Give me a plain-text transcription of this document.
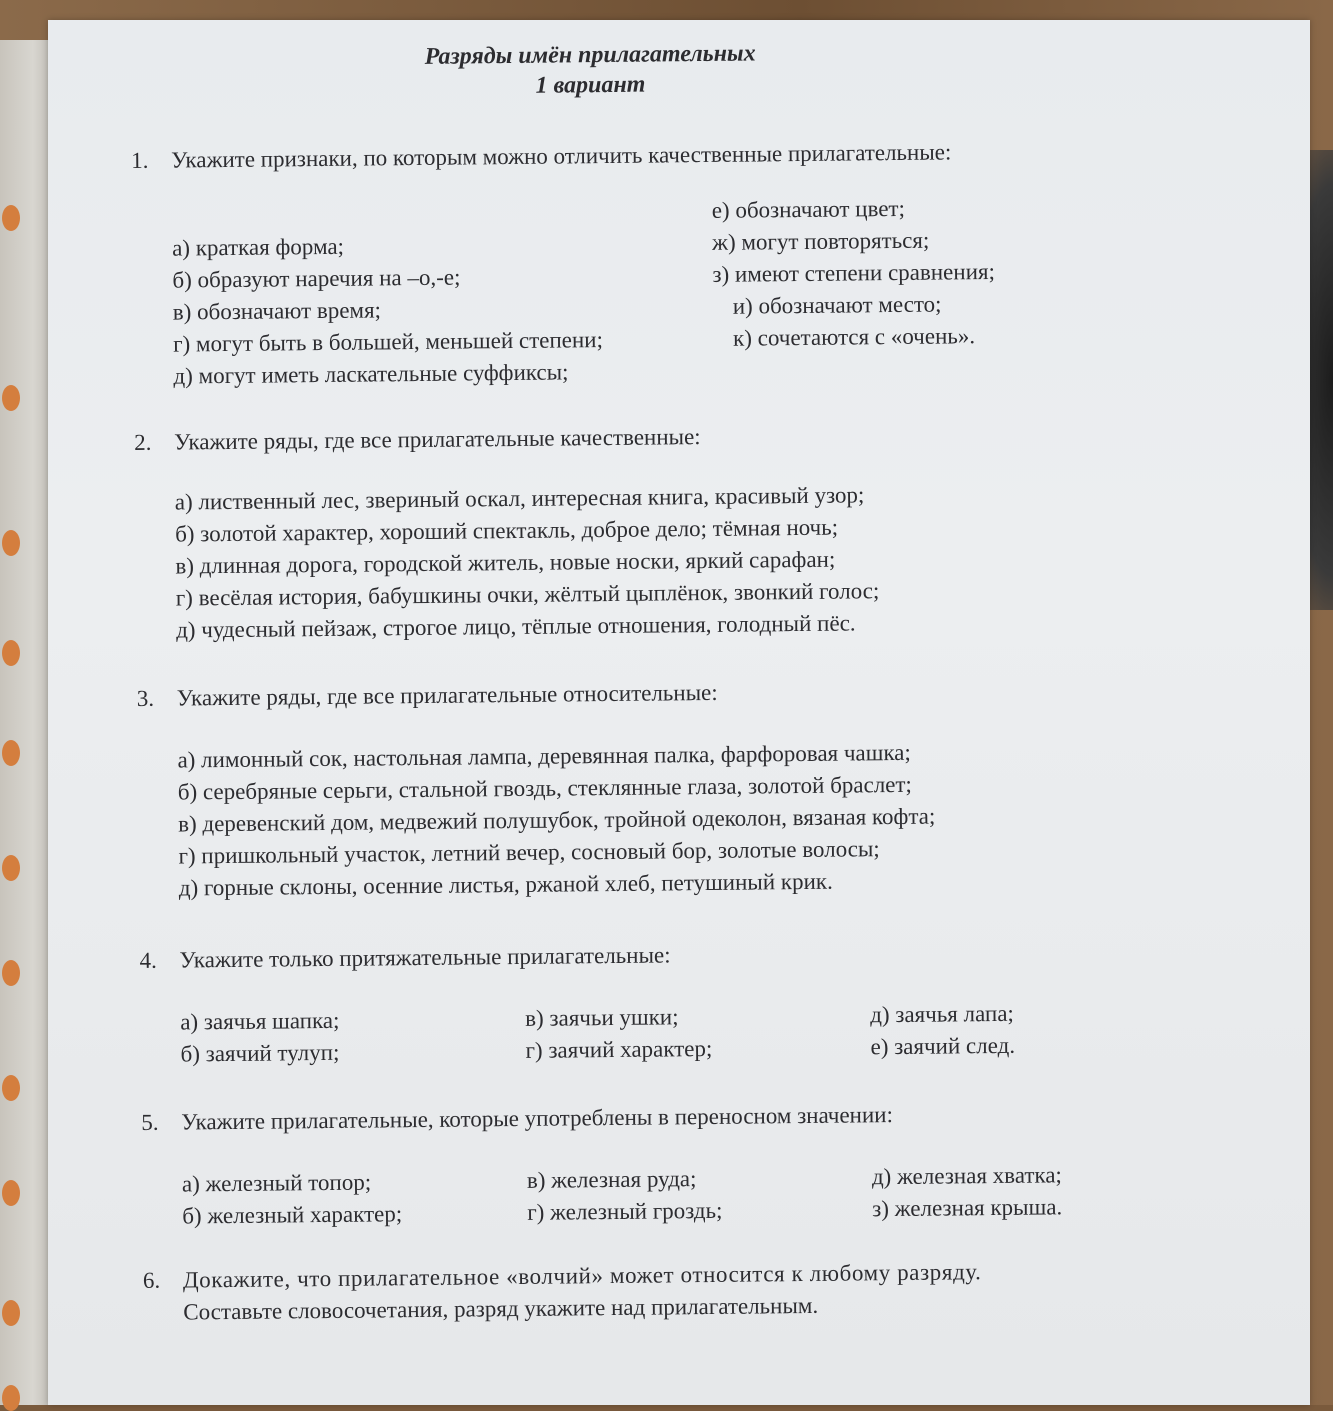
Разряды имён прилагательных
1 вариант
1. Укажите признаки, по которым можно отличить качественные прилагательные:
а) краткая форма;
б) образуют наречия на –о,-е;
в) обозначают время;
г) могут быть в большей, меньшей степени;
д) могут иметь ласкательные суффиксы;
е) обозначают цвет;
ж) могут повторяться;
з) имеют степени сравнения;
и) обозначают место;
к) сочетаются с «очень».
2. Укажите ряды, где все прилагательные качественные:
а) лиственный лес, звериный оскал, интересная книга, красивый узор;
б) золотой характер, хороший спектакль, доброе дело; тёмная ночь;
в) длинная дорога, городской житель, новые носки, яркий сарафан;
г) весёлая история, бабушкины очки, жёлтый цыплёнок, звонкий голос;
д) чудесный пейзаж, строгое лицо, тёплые отношения, голодный пёс.
3. Укажите ряды, где все прилагательные относительные:
а) лимонный сок, настольная лампа, деревянная палка, фарфоровая чашка;
б) серебряные серьги, стальной гвоздь, стеклянные глаза, золотой браслет;
в) деревенский дом, медвежий полушубок, тройной одеколон, вязаная кофта;
г) пришкольный участок, летний вечер, сосновый бор, золотые волосы;
д) горные склоны, осенние листья, ржаной хлеб, петушиный крик.
4. Укажите только притяжательные прилагательные:
а) заячья шапка;
б) заячий тулуп;
в) заячьи ушки;
г) заячий характер;
д) заячья лапа;
е) заячий след.
5. Укажите прилагательные, которые употреблены в переносном значении:
а) железный топор;
б) железный характер;
в) железная руда;
г) железный гроздь;
д) железная хватка;
з) железная крыша.
6. Докажите, что прилагательное «волчий» может относится к любому разряду.
Составьте словосочетания, разряд укажите над прилагательным.
